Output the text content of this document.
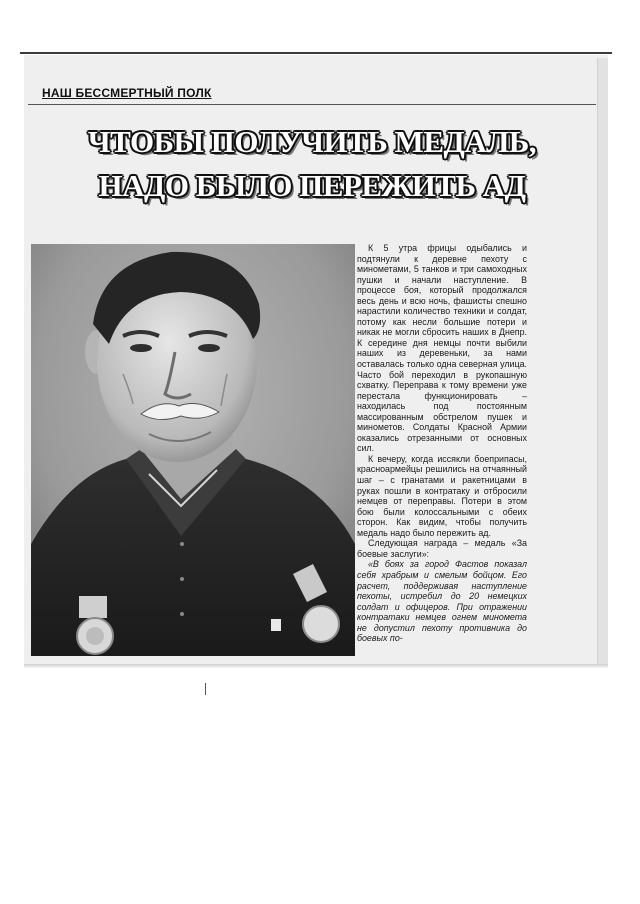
НАШ БЕССМЕРТНЫЙ ПОЛК
ЧТОБЫ ПОЛУЧИТЬ МЕДАЛЬ,
НАДО БЫЛО ПЕРЕЖИТЬ АД

К 5 утра фрицы одыбались и подтянули к деревне пехоту с минометами, 5 танков и три самоходных пушки и начали наступление. В процессе боя, который продолжался весь день и всю ночь, фашисты спешно нарастили количество техники и солдат, потому как несли большие потери и никак не могли сбросить наших в Днепр. К середине дня немцы почти выбили наших из деревеньки, за нами оставалась только одна северная улица. Часто бой переходил в рукопашную схватку. Переправа к тому времени уже перестала функционировать – находилась под постоянным массированным обстрелом пушек и минометов. Солдаты Красной Армии оказались отрезанными от основных сил.

К вечеру, когда иссякли боеприпасы, красноармейцы решились на отчаянный шаг – с гранатами и ракетницами в руках пошли в контратаку и отбросили немцев от переправы. Потери в этом бою были колоссальными с обеих сторон. Как видим, чтобы получить медаль надо было пережить ад.

Следующая награда – медаль «За боевые заслуги»:

«В боях за город Фастов показал себя храбрым и смелым бойцом. Его расчет, поддерживая наступление пехоты, истребил до 20 немецких солдат и офицеров. При отражении контратаки немцев огнем миномета не допустил пехоту противника до боевых по-
